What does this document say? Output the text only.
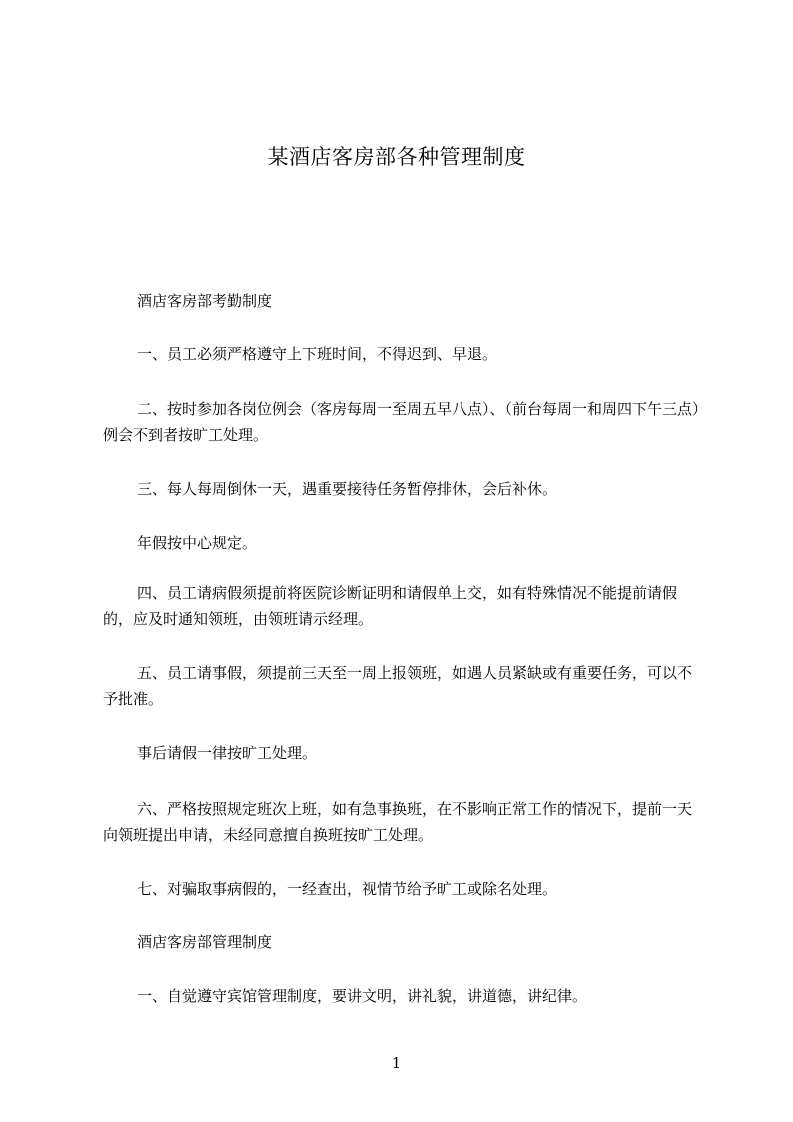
某酒店客房部各种管理制度

酒店客房部考勤制度

一、员工必须严格遵守上下班时间，不得迟到、早退。

二、按时参加各岗位例会（客房每周一至周五早八点）、（前台每周一和周四下午三点）例会不到者按旷工处理。

三、每人每周倒休一天，遇重要接待任务暂停排休，会后补休。

年假按中心规定。

四、员工请病假须提前将医院诊断证明和请假单上交，如有特殊情况不能提前请假的，应及时通知领班，由领班请示经理。

五、员工请事假，须提前三天至一周上报领班，如遇人员紧缺或有重要任务，可以不予批准。

事后请假一律按旷工处理。

六、严格按照规定班次上班，如有急事换班，在不影响正常工作的情况下，提前一天向领班提出申请，未经同意擅自换班按旷工处理。

七、对骗取事病假的，一经查出，视情节给予旷工或除名处理。

酒店客房部管理制度

一、自觉遵守宾馆管理制度，要讲文明，讲礼貌，讲道德，讲纪律。

1
